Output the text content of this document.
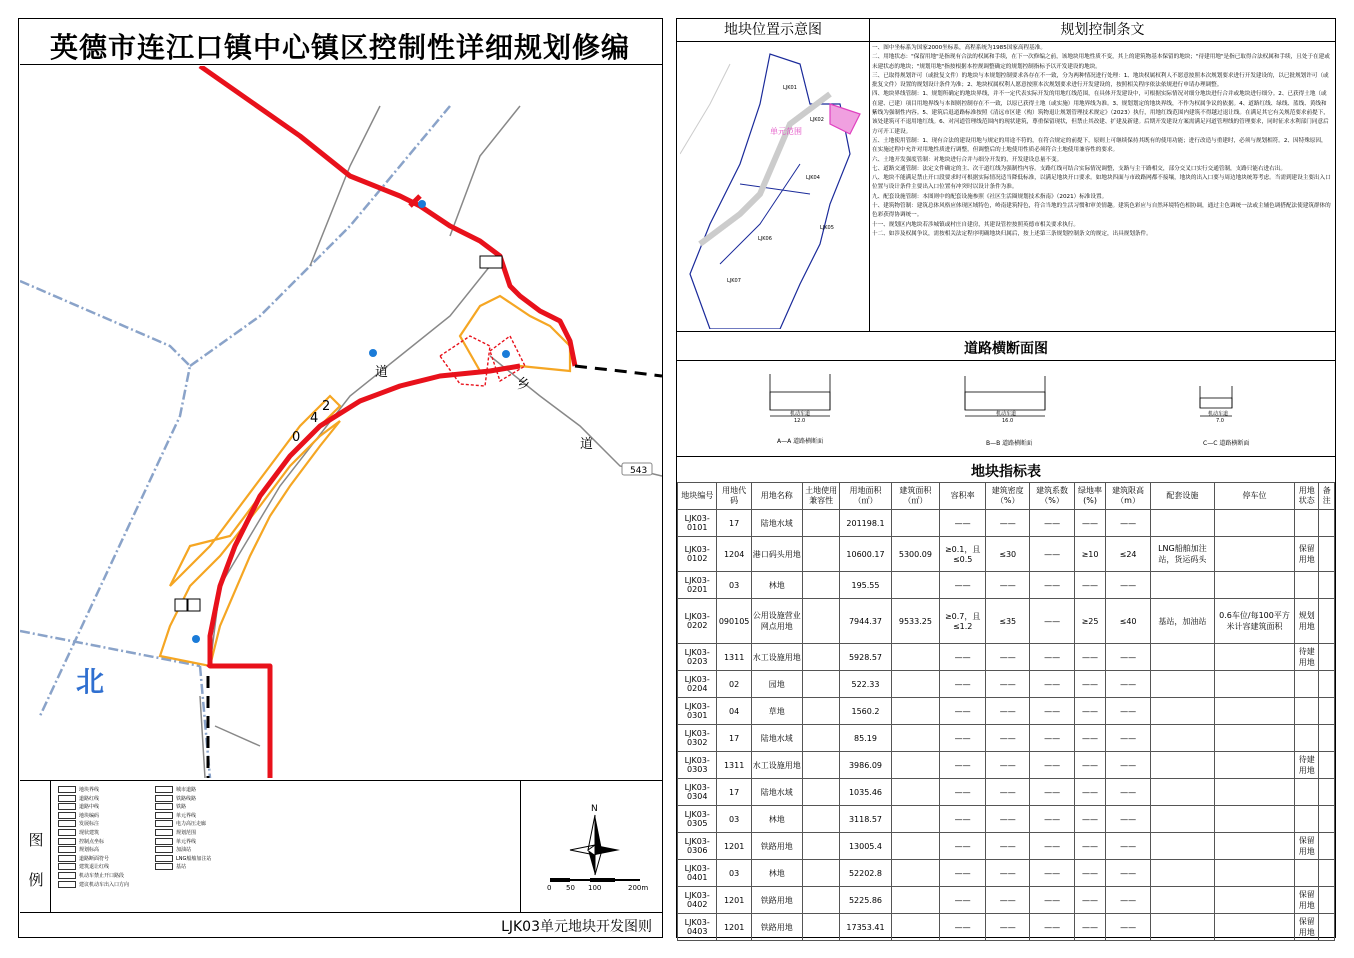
英德市连江口镇中心镇区控制性详细规划修编
道
道
乡
0
4
2
543
北
图 例
地块界线
道路红线
道路中线
地块编码
发展标注
现状建筑
控制点坐标
规划标高
道路断面符号
建筑退让红线
机动车禁止开口路段
建议机动车出入口方向
城市道路
铁路线路
铁路
单元界线
电力高压走廊
规划范围
单元界线
加油站
LNG船舶加注站
基站
N
0 50 100	200m
LJK03单元地块开发图则
地块位置示意图
LJK01
LJK02
LJK04
LJK05
LJK06
LJK07
单元范围
规划控制条文

一、图中坐标系为国家2000坐标系，高程系统为1985国家高程基准。

二、用地状态："保留用地"是指现有合法的权属和手续，在下一次修编之前，该地块用地性质不变，其上的建筑物基本保留的地块；"待建用地"是指已取得合法权属和手续，且处于在建或未建状态的地块；"规划用地"指按根据本控规调整确定的规划控制指标予以开发建设的地块。

三、已取得规划许可（或批复文件）的地块与本规划控制要求各存在不一致，分为两种情况进行处理：1、地块权属权利人不愿意按照本次规划要求进行开发建设的，以已批规划许可（或批复文件）设置的规划设计条件为准；2、地块权属权利人愿意按照本次规划要求进行开发建设的，按照相关程序依法依规进行申请办理调整。

四、地块界线管制：1、规划所确定的地块界线，并不一定代表实际开发的用地红线范围，在具体开发建设中，可根据实际情况对细分地块进行合并或地块进行细分。2、已获得土地（或在建、已建）项目用地界线与本图则控制存在不一致，以原已获得土地（或实施）用地界线为准。3、规划划定的地块界线，不作为权属争议的依据。4、道路红线、绿线、蓝线、黄线和紫线为强制性内容。5、建筑后退道路标准按照《清远市区建（构）筑物退让规划管理技术规定》（2023）执行，用地红线范围内建筑不得越过退让线。在满足其它有关规范要求前提下，该处建筑可不退用地红线。6、对河道管理线范围内的现状建筑，尊重保留现状，但禁止其改建、扩建及新建。后期开发建设方案需满足河道管理线的管理要求，同时征求水利部门同意后方可开工建设。

五、土地使用管制：1、现有合法的建设用地与规定的用途不符的，在符合规定的前提下，原则上可继续保持其既有的使用功能；进行改造与重建时，必须与规划相符。2、因特殊原因，在实施过程中允许对用地性质进行调整，但调整后的土地使用性质必须符合土地使用兼容性的要求。

六、土地开发强度管制：对地块进行合并与细分开发的，开发建设总量不变。

七、道路交通管制：法定文件确定的主、次干道红线为强制性内容。支路红线可结合实际情况调整，支路与主干路相交，部分交叉口实行交通管制，支路只能右进右出。

八、地块不能满足禁止开口段要求时可根据实际情况适当降低标准，以满足地块开口要求。如地块四面与市政路网都不接壤，地块的出入口要与周边地块统筹考虑。当需到建设主要出入口位置与设计条件主要出入口位置有冲突时以设计条件为准。

九、配套设施管制：本图则中的配套设施参照《社区生活圈规划技术指南》（2021）标准设置。

十、建筑物管制：建筑总体风格应体现区域特色，岭南建筑特色，符合当地的生活习惯和审美情趣。建筑色彩应与自然环境特色相协调，通过主色调统一法或主辅色调搭配法使建筑群体的色彩获得协调统一。

十一、规划区内地块若涉城镇或村庄自建房，其建设管控按照英德市相关要求执行。

十二、如涉及权属争议，需按相关法定程序明确地块归属后，按上述第三条规划控制条文的规定，出具规划条件。

道路横断面图
A—A 道路横断面	B—B 道路横断面	C—C 道路横断面
12.0	16.0	7.0
机动车道	机动车道	机动车道
地块指标表
地块编号	用地代码	用地名称	土地使用兼容性	用地面积（㎡）	建筑面积（㎡）	容积率	建筑密度（%）	建筑系数（%）	绿地率(%)	建筑限高（m）	配套设施	停车位	用地状态	备注
LJK03-0101	17	陆地水域		201198.1		——	——	——	——	——				
LJK03-0102	1204	港口码头用地		10600.17	5300.09	≥0.1，且≤0.5	≤30	——	≥10	≤24	LNG船舶加注站，货运码头		保留用地	
LJK03-0201	03	林地		195.55		——	——	——	——	——				
LJK03-0202	090105	公用设施营业网点用地		7944.37	9533.25	≥0.7，且≤1.2	≤35	——	≥25	≤40	基站，加油站	0.6车位/每100平方米计容建筑面积	规划用地	
LJK03-0203	1311	水工设施用地		5928.57		——	——	——	——	——			待建用地	
LJK03-0204	02	园地		522.33		——	——	——	——	——				
LJK03-0301	04	草地		1560.2		——	——	——	——	——				
LJK03-0302	17	陆地水域		85.19		——	——	——	——	——				
LJK03-0303	1311	水工设施用地		3986.09		——	——	——	——	——			待建用地	
LJK03-0304	17	陆地水域		1035.46		——	——	——	——	——				
LJK03-0305	03	林地		3118.57		——	——	——	——	——				
LJK03-0306	1201	铁路用地		13005.4		——	——	——	——	——			保留用地	
LJK03-0401	03	林地		52202.8		——	——	——	——	——				
LJK03-0402	1201	铁路用地		5225.86		——	——	——	——	——			保留用地	
LJK03-0403	1201	铁路用地		17353.41		——	——	——	——	——			保留用地	
